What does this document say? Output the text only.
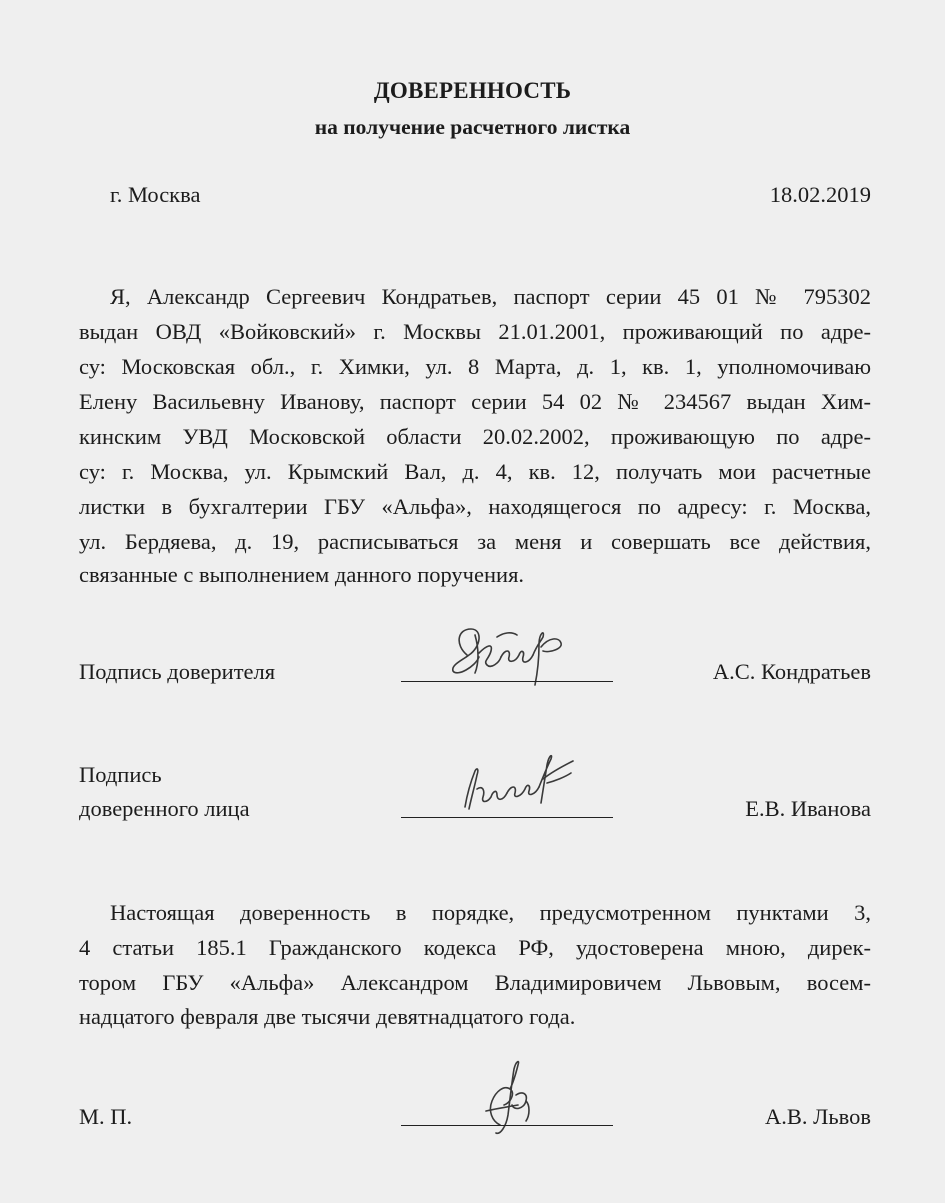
ДОВЕРЕННОСТЬ
на получение расчетного листка
г. Москва	18.02.2019
Я, Александр Сергеевич Кондратьев, паспорт серии 45 01 № 795302
выдан ОВД «Войковский» г. Москвы 21.01.2001, проживающий по адре-
су: Московская обл., г. Химки, ул. 8 Марта, д. 1, кв. 1, уполномочиваю
Елену Васильевну Иванову, паспорт серии 54 02 № 234567 выдан Хим-
кинским УВД Московской области 20.02.2002, проживающую по адре-
су: г. Москва, ул. Крымский Вал, д. 4, кв. 12, получать мои расчетные
листки в бухгалтерии ГБУ «Альфа», находящегося по адресу: г. Москва,
ул. Бердяева, д. 19, расписываться за меня и совершать все действия,
связанные с выполнением данного поручения.
Подпись доверителя	А.С. Кондратьев
Подпись
доверенного лица	Е.В. Иванова
Настоящая доверенность в порядке, предусмотренном пунктами 3,
4 статьи 185.1 Гражданского кодекса РФ, удостоверена мною, дирек-
тором ГБУ «Альфа» Александром Владимировичем Львовым, восем-
надцатого февраля две тысячи девятнадцатого года.
М. П.	А.В. Львов
